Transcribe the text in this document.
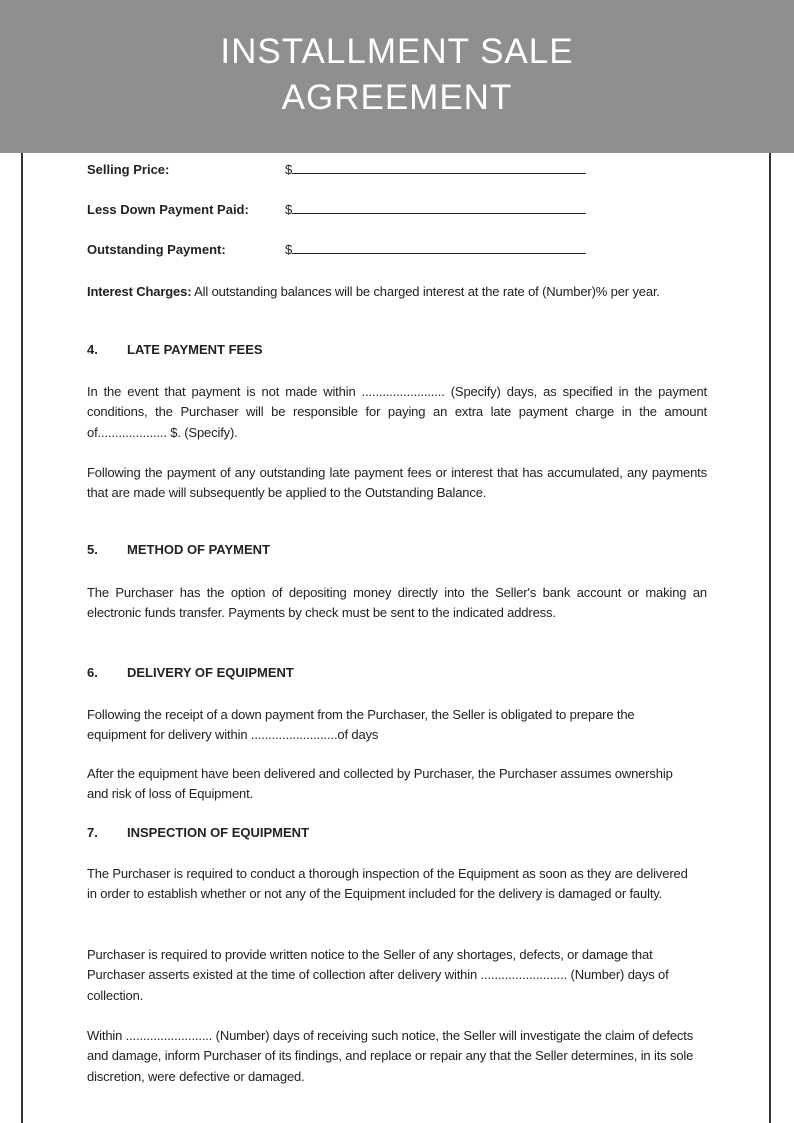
INSTALLMENT SALE
AGREEMENT
Selling Price:	$
Less Down Payment Paid:	$
Outstanding Payment:	$
Interest Charges: All outstanding balances will be charged interest at the rate of (Number)% per year.
4. LATE PAYMENT FEES
In the event that payment is not made within ........................ (Specify) days, as specified in the payment conditions, the Purchaser will be responsible for paying an extra late payment charge in the amount of.................... $. (Specify).
Following the payment of any outstanding late payment fees or interest that has accumulated, any payments that are made will subsequently be applied to the Outstanding Balance.
5. METHOD OF PAYMENT
The Purchaser has the option of depositing money directly into the Seller's bank account or making an electronic funds transfer. Payments by check must be sent to the indicated address.
6. DELIVERY OF EQUIPMENT
Following the receipt of a down payment from the Purchaser, the Seller is obligated to prepare the equipment for delivery within .........................of days
After the equipment have been delivered and collected by Purchaser, the Purchaser assumes ownership and risk of loss of Equipment.
7. INSPECTION OF EQUIPMENT
The Purchaser is required to conduct a thorough inspection of the Equipment as soon as they are delivered in order to establish whether or not any of the Equipment included for the delivery is damaged or faulty.
Purchaser is required to provide written notice to the Seller of any shortages, defects, or damage that Purchaser asserts existed at the time of collection after delivery within ......................... (Number) days of collection.
Within ......................... (Number) days of receiving such notice, the Seller will investigate the claim of defects and damage, inform Purchaser of its findings, and replace or repair any that the Seller determines, in its sole discretion, were defective or damaged.
